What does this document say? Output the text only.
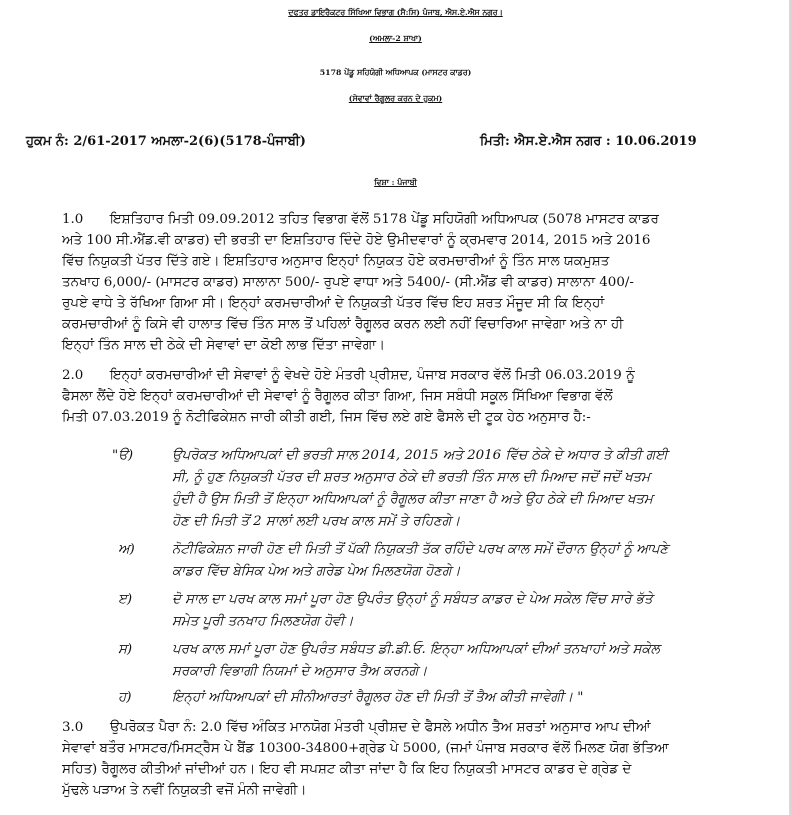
ਦਫਤਰ ਡਾਇਰੈਕਟਰ ਸਿੱਖਿਆ ਵਿਭਾਗ (ਸੈ:ਸਿ) ਪੰਜਾਬ, ਐਸ.ਏ.ਐਸ ਨਗਰ।
(ਅਮਲਾ-2 ਸ਼ਾਖਾ)
5178 ਪੇਂਡੂ ਸਹਿਯੋਗੀ ਅਧਿਆਪਕ (ਮਾਸਟਰ ਕਾਡਰ)
(ਸੇਵਾਵਾਂ ਰੈਗੂਲਰ ਕਰਨ ਦੇ ਹੁਕਮ)
ਹੁਕਮ ਨੰ: 2/61-2017 ਅਮਲਾ-2(6)(5178-ਪੰਜਾਬੀ)	ਮਿਤੀ: ਐਸ.ਏ.ਐਸ ਨਗਰ : 10.06.2019
ਵਿਸ਼ਾ : ਪੰਜਾਬੀ
1.0 ਇਸ਼ਤਿਹਾਰ ਮਿਤੀ 09.09.2012 ਤਹਿਤ ਵਿਭਾਗ ਵੱਲੋਂ 5178 ਪੇਂਡੂ ਸਹਿਯੋਗੀ ਅਧਿਆਪਕ (5078 ਮਾਸਟਰ ਕਾਡਰ
ਅਤੇ 100 ਸੀ.ਐਂਡ.ਵੀ ਕਾਡਰ) ਦੀ ਭਰਤੀ ਦਾ ਇਸ਼ਤਿਹਾਰ ਦਿੰਦੇ ਹੋਏ ਉਮੀਦਵਾਰਾਂ ਨੂੰ ਕ੍ਰਮਵਾਰ 2014, 2015 ਅਤੇ 2016
ਵਿੱਚ ਨਿਯੁਕਤੀ ਪੱਤਰ ਦਿੱਤੇ ਗਏ। ਇਸ਼ਤਿਹਾਰ ਅਨੁਸਾਰ ਇਨ੍ਹਾਂ ਨਿਯੁਕਤ ਹੋਏ ਕਰਮਚਾਰੀਆਂ ਨੂੰ ਤਿੰਨ ਸਾਲ ਯਕਮੁਸ਼ਤ
ਤਨਖਾਹ 6,000/- (ਮਾਸਟਰ ਕਾਡਰ) ਸਾਲਾਨਾ 500/- ਰੁਪਏ ਵਾਧਾ ਅਤੇ 5400/- (ਸੀ.ਐਂਡ ਵੀ ਕਾਡਰ) ਸਾਲਾਨਾ 400/-
ਰੁਪਏ ਵਾਧੇ ਤੇ ਰੱਖਿਆ ਗਿਆ ਸੀ। ਇਨ੍ਹਾਂ ਕਰਮਚਾਰੀਆਂ ਦੇ ਨਿਯੁਕਤੀ ਪੱਤਰ ਵਿੱਚ ਇਹ ਸ਼ਰਤ ਮੌਜੂਦ ਸੀ ਕਿ ਇਨ੍ਹਾਂ
ਕਰਮਚਾਰੀਆਂ ਨੂੰ ਕਿਸੇ ਵੀ ਹਾਲਾਤ ਵਿੱਚ ਤਿੰਨ ਸਾਲ ਤੋਂ ਪਹਿਲਾਂ ਰੈਗੂਲਰ ਕਰਨ ਲਈ ਨਹੀਂ ਵਿਚਾਰਿਆ ਜਾਵੇਗਾ ਅਤੇ ਨਾ ਹੀ
ਇਨ੍ਹਾਂ ਤਿੰਨ ਸਾਲ ਦੀ ਠੇਕੇ ਦੀ ਸੇਵਾਵਾਂ ਦਾ ਕੋਈ ਲਾਭ ਦਿੱਤਾ ਜਾਵੇਗਾ।
2.0 ਇਨ੍ਹਾਂ ਕਰਮਚਾਰੀਆਂ ਦੀ ਸੇਵਾਵਾਂ ਨੂੰ ਵੇਖਦੇ ਹੋਏ ਮੰਤਰੀ ਪ੍ਰੀਸ਼ਦ, ਪੰਜਾਬ ਸਰਕਾਰ ਵੱਲੋਂ ਮਿਤੀ 06.03.2019 ਨੂੰ
ਫੈਸਲਾ ਲੈਂਦੇ ਹੋਏ ਇਨ੍ਹਾਂ ਕਰਮਚਾਰੀਆਂ ਦੀ ਸੇਵਾਵਾਂ ਨੂੰ ਰੈਗੂਲਰ ਕੀਤਾ ਗਿਆ, ਜਿਸ ਸਬੰਧੀ ਸਕੂਲ ਸਿੱਖਿਆ ਵਿਭਾਗ ਵੱਲੋਂ
ਮਿਤੀ 07.03.2019 ਨੂੰ ਨੋਟੀਫਿਕੇਸ਼ਨ ਜਾਰੀ ਕੀਤੀ ਗਈ, ਜਿਸ ਵਿੱਚ ਲਏ ਗਏ ਫੈਸਲੇ ਦੀ ਟੂਕ ਹੇਠ ਅਨੁਸਾਰ ਹੈ:-
"ੳ)	ਉਪਰੋਕਤ ਅਧਿਆਪਕਾਂ ਦੀ ਭਰਤੀ ਸਾਲ 2014, 2015 ਅਤੇ 2016 ਵਿੱਚ ਠੇਕੇ ਦੇ ਅਧਾਰ ਤੇ ਕੀਤੀ ਗਈ
ਸੀ, ਨੂੰ ਹੁਣ ਨਿਯੁਕਤੀ ਪੱਤਰ ਦੀ ਸ਼ਰਤ ਅਨੁਸਾਰ ਠੇਕੇ ਦੀ ਭਰਤੀ ਤਿੰਨ ਸਾਲ ਦੀ ਮਿਆਦ ਜਦੋਂ ਜਦੋਂ ਖਤਮ
ਹੁੰਦੀ ਹੈ ਉਸ ਮਿਤੀ ਤੋਂ ਇਨ੍ਹਾ ਅਧਿਆਪਕਾਂ ਨੂੰ ਰੈਗੂਲਰ ਕੀਤਾ ਜਾਣਾ ਹੈ ਅਤੇ ਉਹ ਠੇਕੇ ਦੀ ਮਿਆਦ ਖਤਮ
ਹੋਣ ਦੀ ਮਿਤੀ ਤੋਂ 2 ਸਾਲਾਂ ਲਈ ਪਰਖ ਕਾਲ ਸਮੇਂ ਤੇ ਰਹਿਣਗੇ।
ਅ)	ਨੋਟੀਫਿਕੇਸ਼ਨ ਜਾਰੀ ਹੋਣ ਦੀ ਮਿਤੀ ਤੋਂ ਪੱਕੀ ਨਿਯੁਕਤੀ ਤੱਕ ਰਹਿੰਦੇ ਪਰਖ ਕਾਲ ਸਮੇਂ ਦੌਰਾਨ ਉਨ੍ਹਾਂ ਨੂੰ ਆਪਣੇ
ਕਾਡਰ ਵਿੱਚ ਬੇਸਿਕ ਪੇਅ ਅਤੇ ਗਰੇਡ ਪੇਅ ਮਿਲਣਯੋਗ ਹੋਣਗੇ।
ੲ)	ਦੋ ਸਾਲ ਦਾ ਪਰਖ ਕਾਲ ਸਮਾਂ ਪੂਰਾ ਹੋਣ ਉਪਰੰਤ ਉਨ੍ਹਾਂ ਨੂੰ ਸਬੰਧਤ ਕਾਡਰ ਦੇ ਪੇਅ ਸਕੇਲ ਵਿੱਚ ਸਾਰੇ ਭੱਤੇ
ਸਮੇਤ ਪੂਰੀ ਤਨਖਾਹ ਮਿਲਣਯੋਗ ਹੋਵੀ।
ਸ)	ਪਰਖ ਕਾਲ ਸਮਾਂ ਪੂਰਾ ਹੋਣ ਉਪਰੰਤ ਸਬੰਧਤ ਡੀ.ਡੀ.ਓ. ਇਨ੍ਹਾ ਅਧਿਆਪਕਾਂ ਦੀਆਂ ਤਨਖਾਹਾਂ ਅਤੇ ਸਕੇਲ
ਸਰਕਾਰੀ ਵਿਭਾਗੀ ਨਿਯਮਾਂ ਦੇ ਅਨੁਸਾਰ ਤੈਅ ਕਰਨਗੇ।
ਹ)	ਇਨ੍ਹਾਂ ਅਧਿਆਪਕਾਂ ਦੀ ਸੀਨੀਆਰਤਾਂ ਰੈਗੂਲਰ ਹੋਣ ਦੀ ਮਿਤੀ ਤੋਂ ਤੈਅ ਕੀਤੀ ਜਾਵੇਗੀ। "
3.0 ਉਪਰੋਕਤ ਪੈਰਾ ਨੰ: 2.0 ਵਿੱਚ ਅੰਕਿਤ ਮਾਨਯੋਗ ਮੰਤਰੀ ਪ੍ਰੀਸ਼ਦ ਦੇ ਫੈਸਲੇ ਅਧੀਨ ਤੈਅ ਸ਼ਰਤਾਂ ਅਨੁਸਾਰ ਆਪ ਦੀਆਂ
ਸੇਵਾਵਾਂ ਬਤੌਰ ਮਾਸਟਰ/ਮਿਸਟ੍ਰੈਸ ਪੇ ਬੈਂਡ 10300-34800+ਗ੍ਰੇਡ ਪੇ 5000, (ਜਮਾਂ ਪੰਜਾਬ ਸਰਕਾਰ ਵੱਲੋਂ ਮਿਲਣ ਯੋਗ ਭੱਤਿਆ
ਸਹਿਤ) ਰੈਗੂਲਰ ਕੀਤੀਆਂ ਜਾਂਦੀਆਂ ਹਨ। ਇਹ ਵੀ ਸਪਸ਼ਟ ਕੀਤਾ ਜਾਂਦਾ ਹੈ ਕਿ ਇਹ ਨਿਯੁਕਤੀ ਮਾਸਟਰ ਕਾਡਰ ਦੇ ਗ੍ਰੇਡ ਦੇ
ਮੁੱਢਲੇ ਪੜਾਅ ਤੇ ਨਵੀਂ ਨਿਯੁਕਤੀ ਵਜੋਂ ਮੰਨੀ ਜਾਵੇਗੀ।
